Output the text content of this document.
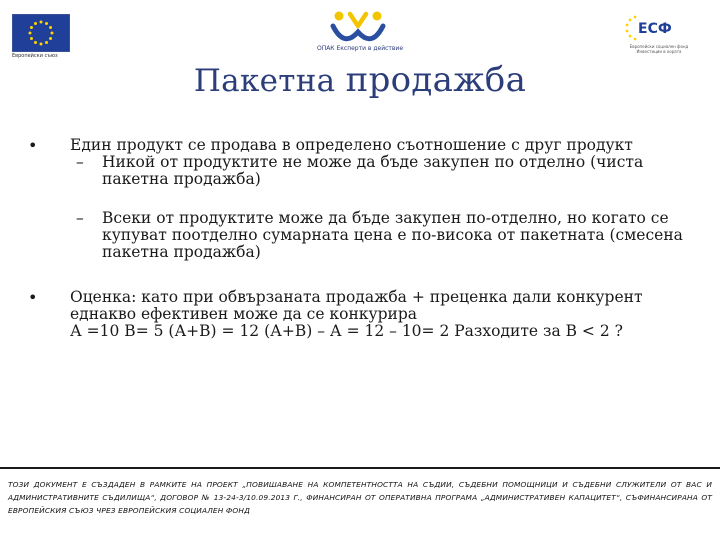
Европейски съюз
ОПАК Експерти в действие
ЕСФ
Европейски социален фонд Инвестиции в хората
Пакетна продажба
• Един продукт се продава в определено съотношение с друг продукт
– Никой от продуктите не може да бъде закупен по отделно (чиста пакетна продажба)
– Всеки от продуктите може да бъде закупен по-отделно, но когато се купуват поотделно сумарната цена е по-висока от пакетната (смесена пакетна продажба)
• Оценка: като при обвързаната продажба + преценка дали конкурент еднакво ефективен може да се конкурира
А =10 В= 5 (А+В) = 12 (А+В) – А = 12 – 10= 2 Разходите за В < 2 ?
ТОЗИ ДОКУМЕНТ Е СЪЗДАДЕН В РАМКИТЕ НА ПРОЕКТ „ПОВИШАВАНЕ НА КОМПЕТЕНТНОСТТА НА СЪДИИ, СЪДЕБНИ ПОМОЩНИЦИ И СЪДЕБНИ СЛУЖИТЕЛИ ОТ ВАС И АДМИНИСТРАТИВНИТЕ СЪДИЛИЩА“, ДОГОВОР № 13-24-3/10.09.2013 Г., ФИНАНСИРАН ОТ ОПЕРАТИВНА ПРОГРАМА „АДМИНИСТРАТИВЕН КАПАЦИТЕТ“, СЪФИНАНСИРАНА ОТ ЕВРОПЕЙСКИЯ СЪЮЗ ЧРЕЗ ЕВРОПЕЙСКИЯ СОЦИАЛЕН ФОНД
